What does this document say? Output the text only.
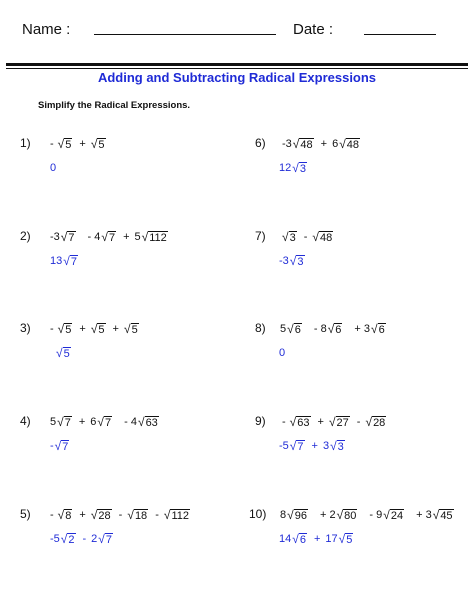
Name :	Date :
Adding and Subtracting Radical Expressions
Simplify the Radical Expressions.
1) - √5 + √5
0
2) -3√7 - 4√7 + 5√112
13√7
3) - √5 + √5 + √5
√5
4) 5√7 + 6√7 - 4√63
-√7
5) - √8 + √28 - √18 - √112
-5√2 - 2√7
6) -3√48 + 6√48
12√3
7) √3 - √48
-3√3
8) 5√6 - 8√6 + 3√6
0
9) - √63 + √27 - √28
-5√7 + 3√3
10) 8√96 + 2√80 - 9√24 + 3√45
14√6 + 17√5
